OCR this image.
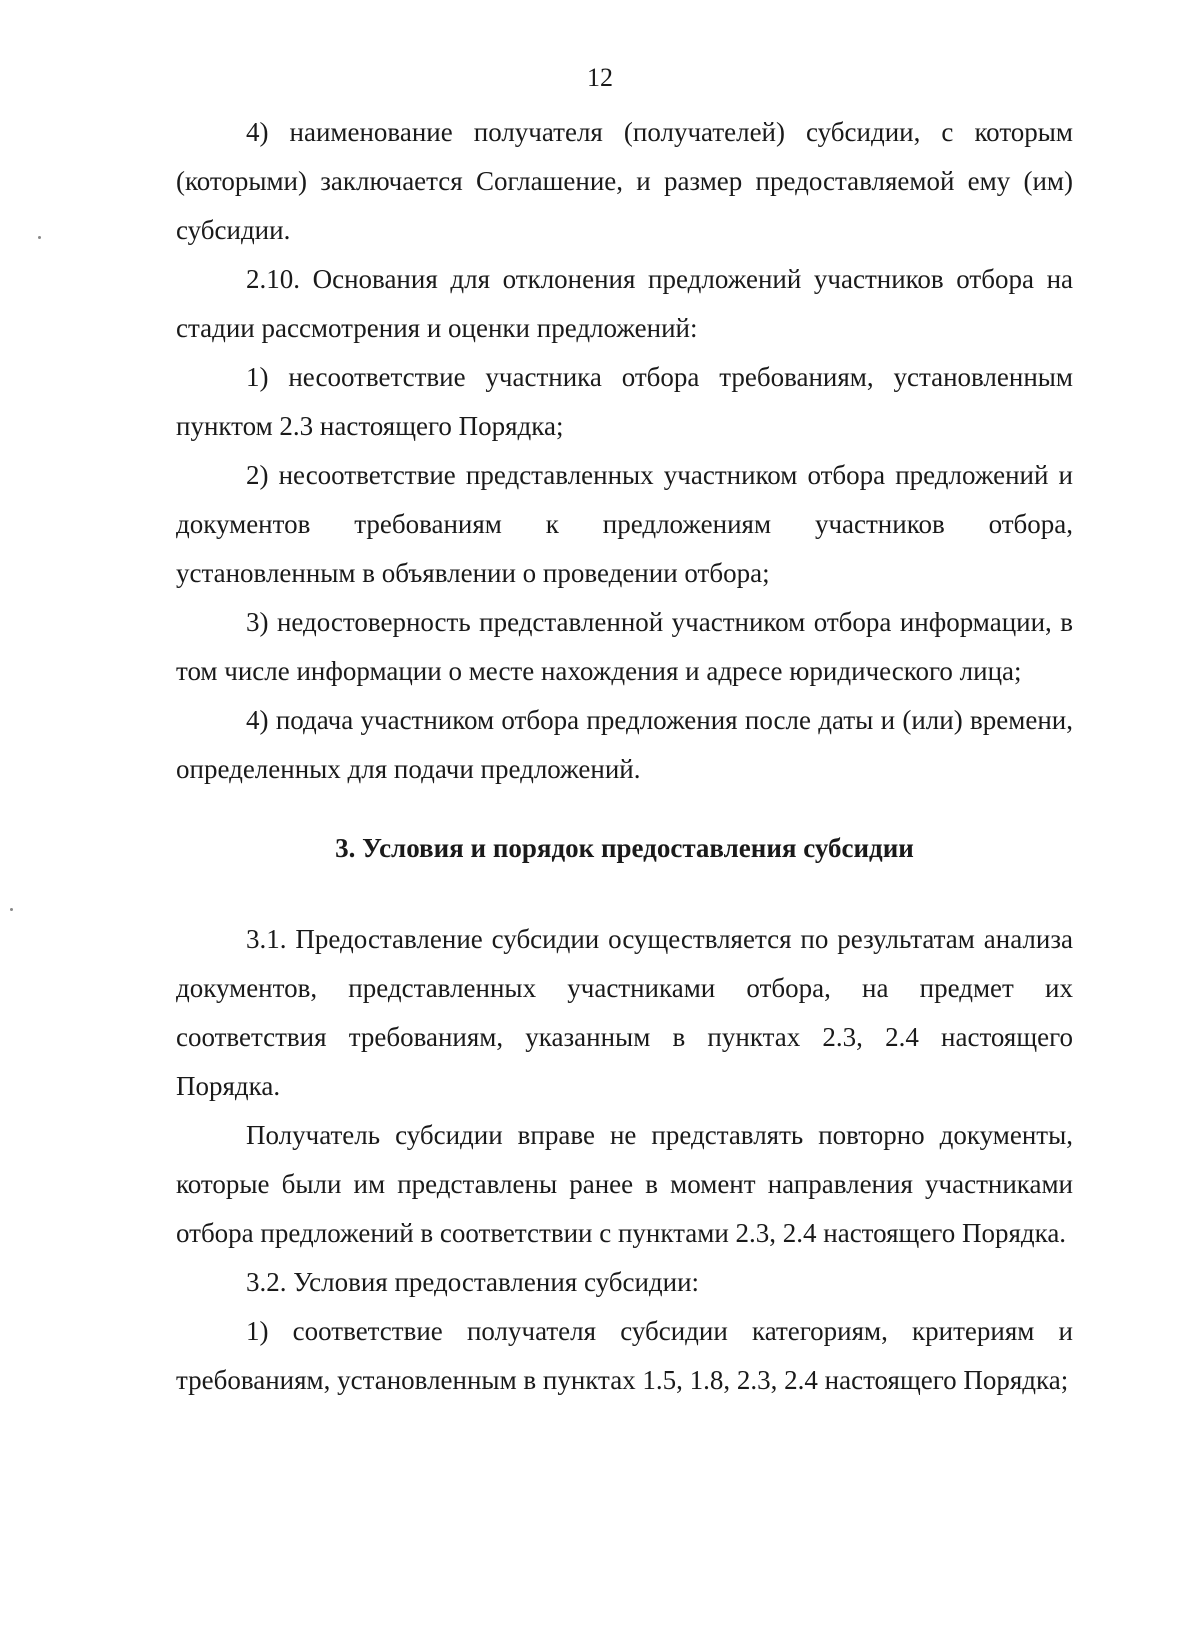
12

4) наименование получателя (получателей) субсидии, с которым (которыми) заключается Соглашение, и размер предоставляемой ему (им) субсидии.

2.10. Основания для отклонения предложений участников отбора на стадии рассмотрения и оценки предложений:

1) несоответствие участника отбора требованиям, установленным пунктом 2.3 настоящего Порядка;

2) несоответствие представленных участником отбора предложений и документов требованиям к предложениям участников отбора, установленным в объявлении о проведении отбора;

3) недостоверность представленной участником отбора информации, в том числе информации о месте нахождения и адресе юридического лица;

4) подача участником отбора предложения после даты и (или) времени, определенных для подачи предложений.

3. Условия и порядок предоставления субсидии

3.1. Предоставление субсидии осуществляется по результатам анализа документов, представленных участниками отбора, на предмет их соответствия требованиям, указанным в пунктах 2.3, 2.4 настоящего Порядка.

Получатель субсидии вправе не представлять повторно документы, которые были им представлены ранее в момент направления участниками отбора предложений в соответствии с пунктами 2.3, 2.4 настоящего Порядка.

3.2. Условия предоставления субсидии:

1) соответствие получателя субсидии категориям, критериям и требованиям, установленным в пунктах 1.5, 1.8, 2.3, 2.4 настоящего Порядка;
